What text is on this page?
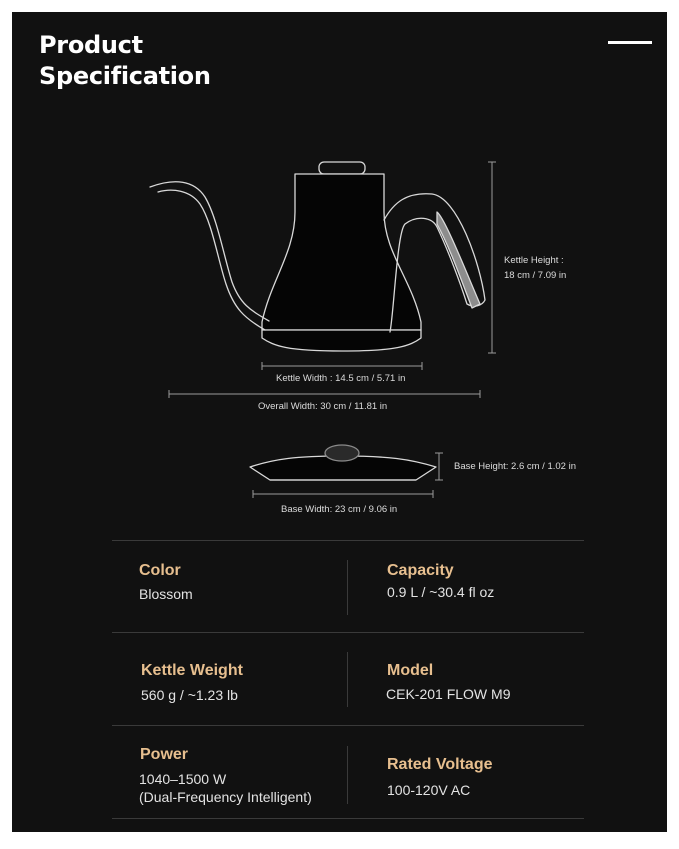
Product
Specification
Kettle Height :
18 cm / 7.09 in
Kettle Width : 14.5 cm / 5.71 in
Overall Width: 30 cm / 11.81 in
Base Height: 2.6 cm / 1.02 in
Base Width: 23 cm / 9.06 in
Color
Blossom
Capacity
0.9 L / ~30.4 fl oz
Kettle Weight
560 g / ~1.23 lb
Model
CEK-201 FLOW M9
Power
1040–1500 W
(Dual-Frequency Intelligent)
Rated Voltage
100-120V AC
